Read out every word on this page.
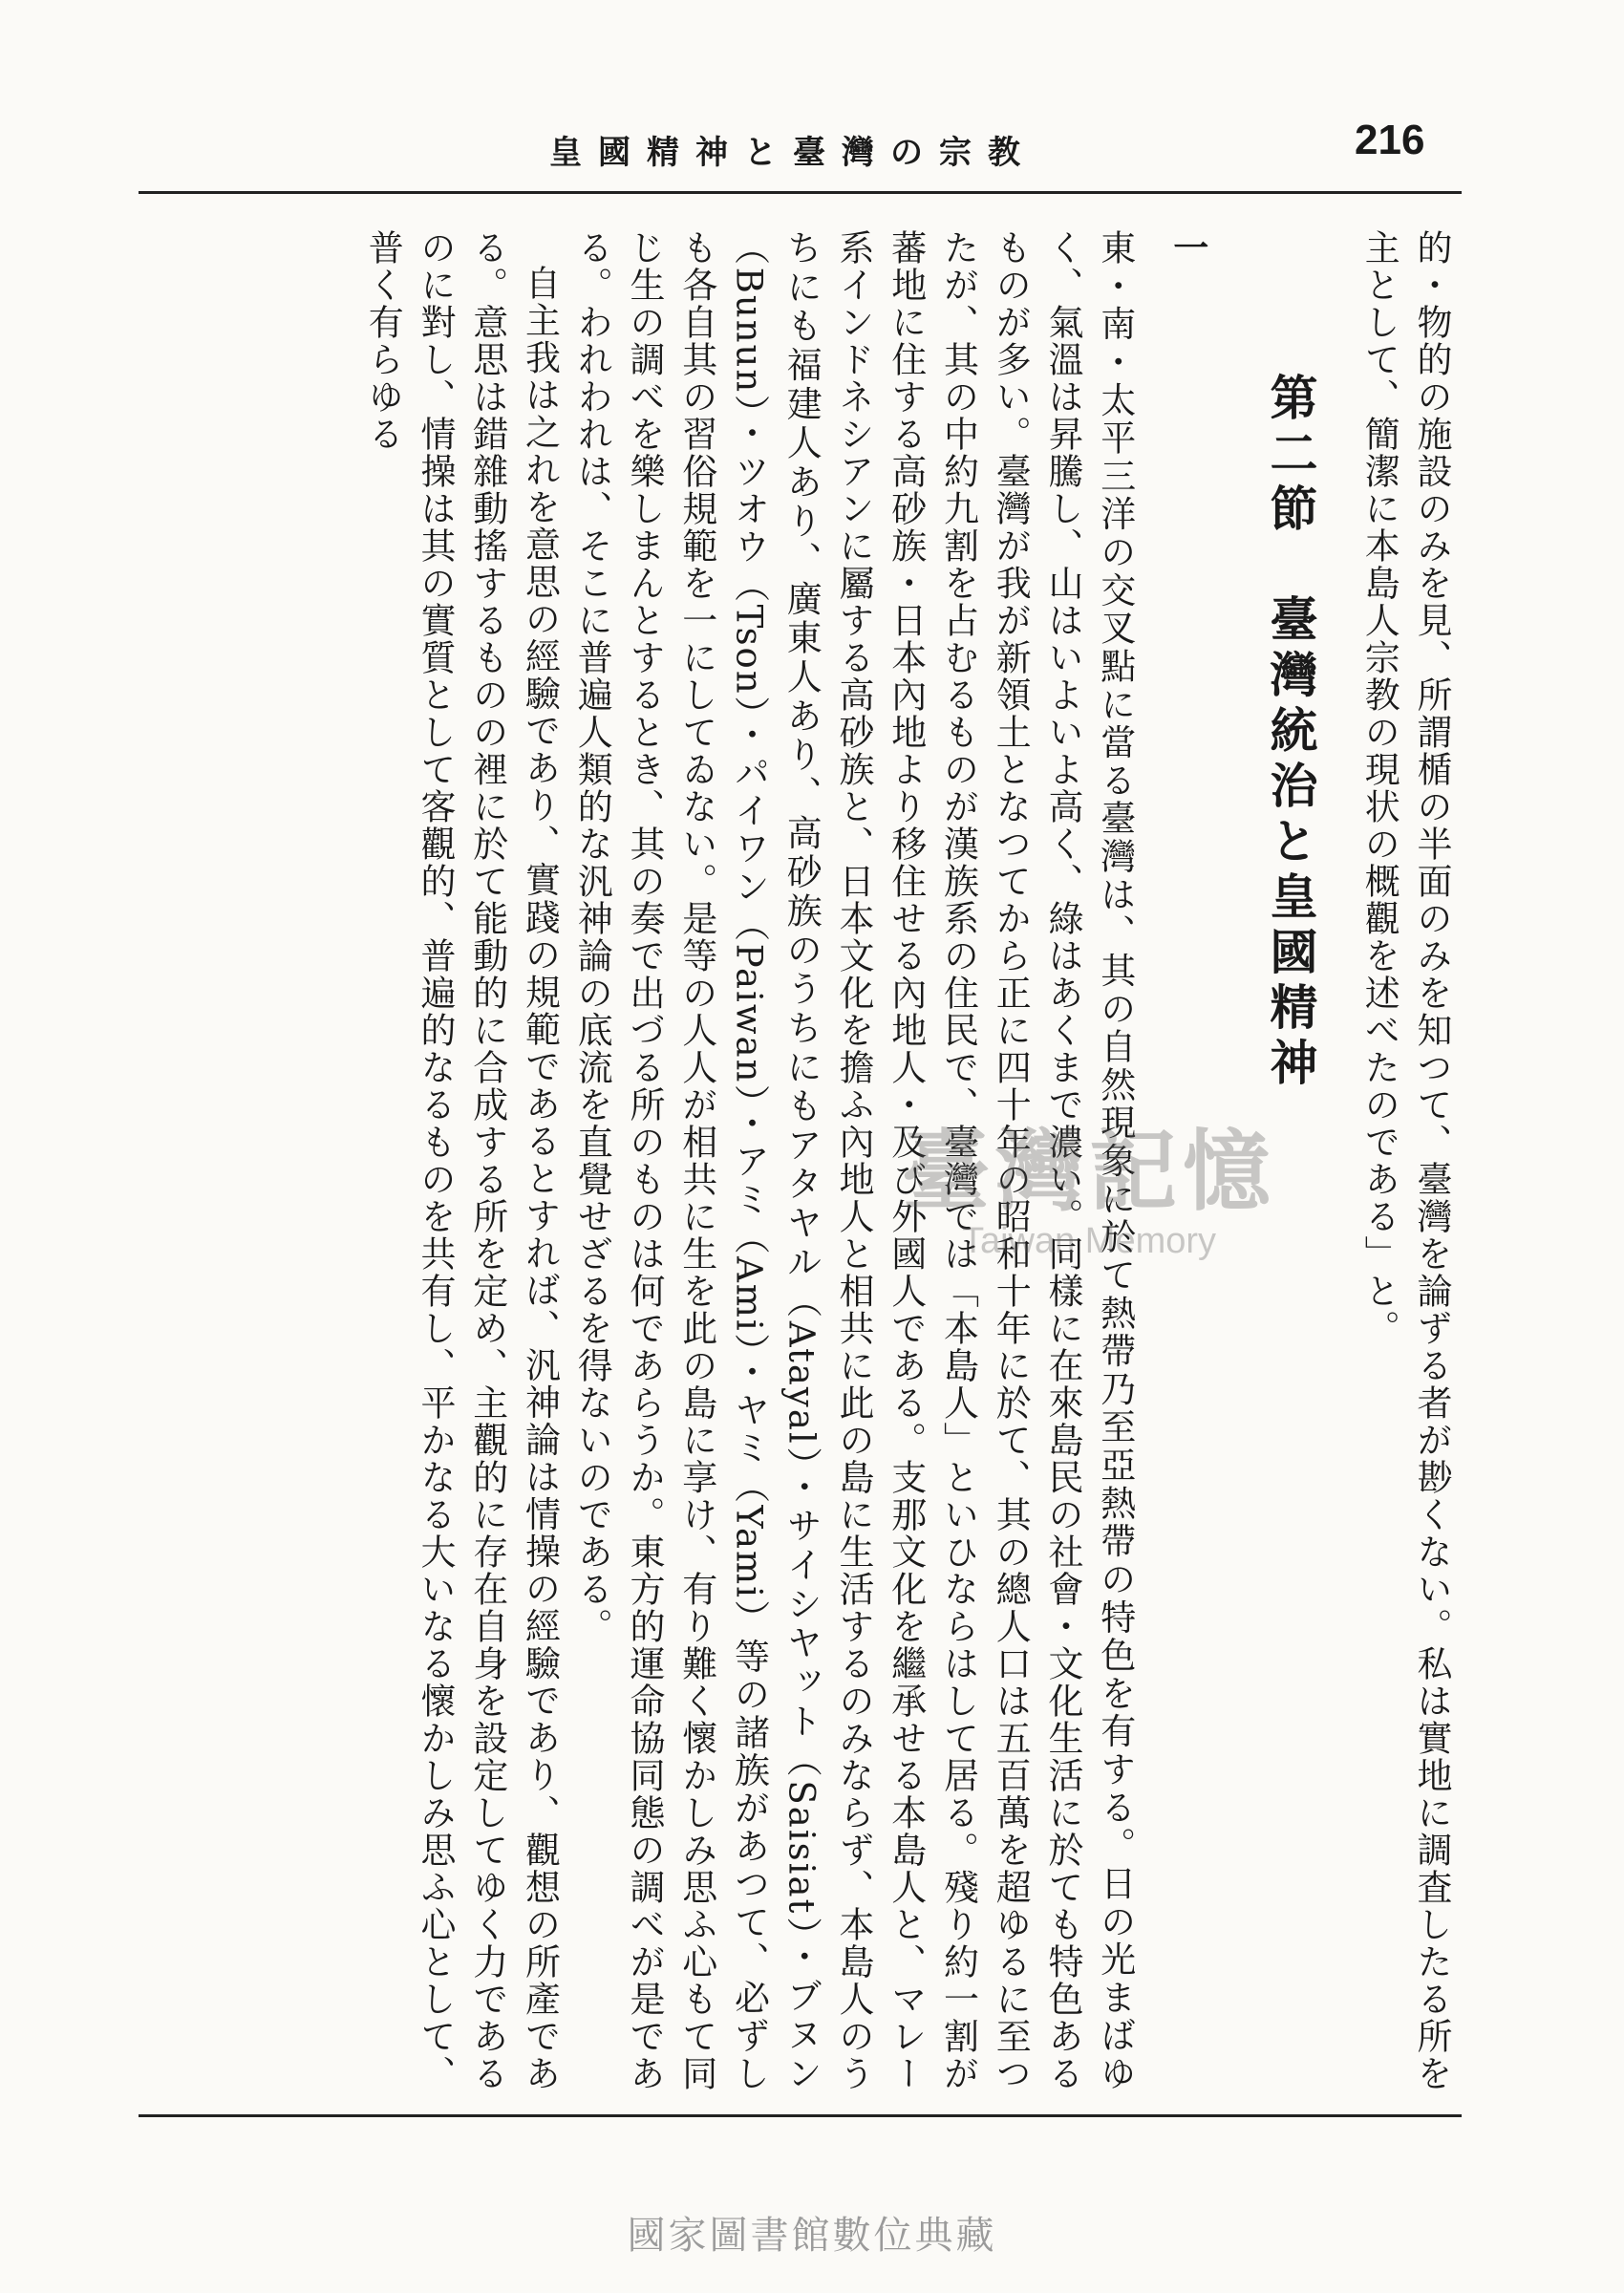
皇國精神と臺灣の宗教	216

的・物的の施設のみを見、所謂楯の半面のみを知つて、臺灣を論ずる者が尠くない。私は實地に調査したる所を主として、簡潔に本島人宗教の現状の概觀を述べたのである」と。

第二節　臺灣統治と皇國精神
一

東・南・太平三洋の交叉點に當る臺灣は、其の自然現象に於て熱帶乃至亞熱帶の特色を有する。日の光まばゆく、氣溫は昇騰し、山はいよいよ高く、綠はあくまで濃い。同樣に在來島民の社會・文化生活に於ても特色あるものが多い。臺灣が我が新領土となつてから正に四十年の昭和十年に於て、其の總人口は五百萬を超ゆるに至つたが、其の中約九割を占むるものが漢族系の住民で、臺灣では「本島人」といひならはして居る。殘り約一割が蕃地に住する高砂族・日本內地より移住せる內地人・及び外國人である。支那文化を繼承せる本島人と、マレー系インドネシアンに屬する高砂族と、日本文化を擔ふ內地人と相共に此の島に生活するのみならず、本島人のうちにも福建人あり、廣東人あり、高砂族のうちにもアタヤル（Atayal）・サイシヤット（Saisiat）・ブヌン（Bunun）・ツオウ（Tson）・パイワン（Paiwan）・アミ（Ami）・ヤミ（Yami）等の諸族があつて、必ずしも各自其の習俗規範を一にしてゐない。是等の人人が相共に生を此の島に享け、有り難く懷かしみ思ふ心もて同じ生の調べを樂しまんとするとき、其の奏で出づる所のものは何であらうか。東方的運命協同態の調べが是である。われわれは、そこに普遍人類的な汎神論の底流を直覺せざるを得ないのである。

自主我は之れを意思の經驗であり、實踐の規範であるとすれば、汎神論は情操の經驗であり、觀想の所產である。意思は錯雜動搖するものの裡に於て能動的に合成する所を定め、主觀的に存在自身を設定してゆく力であるのに對し、情操は其の實質として客觀的、普遍的なるものを共有し、平かなる大いなる懷かしみ思ふ心として、普く有らゆる

臺灣記憶
Taiwan Memory
國家圖書館數位典藏
